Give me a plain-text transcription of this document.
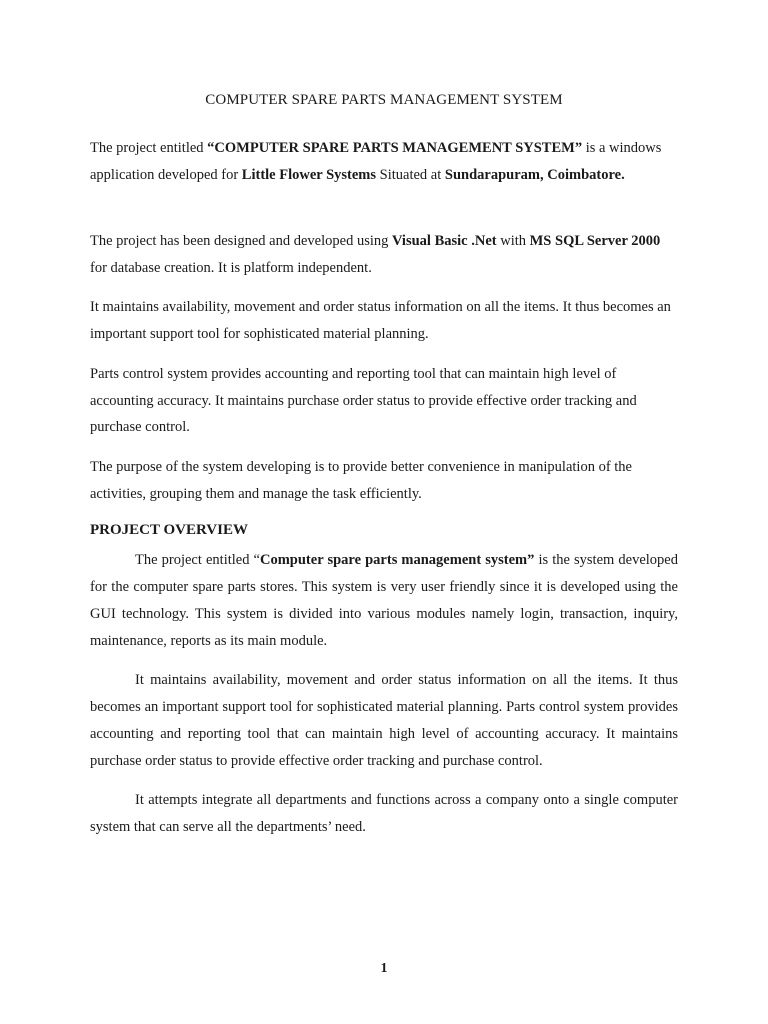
COMPUTER SPARE PARTS MANAGEMENT SYSTEM

The project entitled “COMPUTER SPARE PARTS MANAGEMENT SYSTEM” is a windows application developed for Little Flower Systems Situated at Sundarapuram, Coimbatore.

The project has been designed and developed using Visual Basic .Net with MS SQL Server 2000 for database creation. It is platform independent.

It maintains availability, movement and order status information on all the items. It thus becomes an important support tool for sophisticated material planning.

Parts control system provides accounting and reporting tool that can maintain high level of accounting accuracy. It maintains purchase order status to provide effective order tracking and purchase control.

The purpose of the system developing is to provide better convenience in manipulation of the activities, grouping them and manage the task efficiently.

PROJECT OVERVIEW

The project entitled “Computer spare parts management system” is the system developed for the computer spare parts stores. This system is very user friendly since it is developed using the GUI technology. This system is divided into various modules namely login, transaction, inquiry, maintenance, reports as its main module.

It maintains availability, movement and order status information on all the items. It thus becomes an important support tool for sophisticated material planning. Parts control system provides accounting and reporting tool that can maintain high level of accounting accuracy. It maintains purchase order status to provide effective order tracking and purchase control.

It attempts integrate all departments and functions across a company onto a single computer system that can serve all the departments’ need.

1
